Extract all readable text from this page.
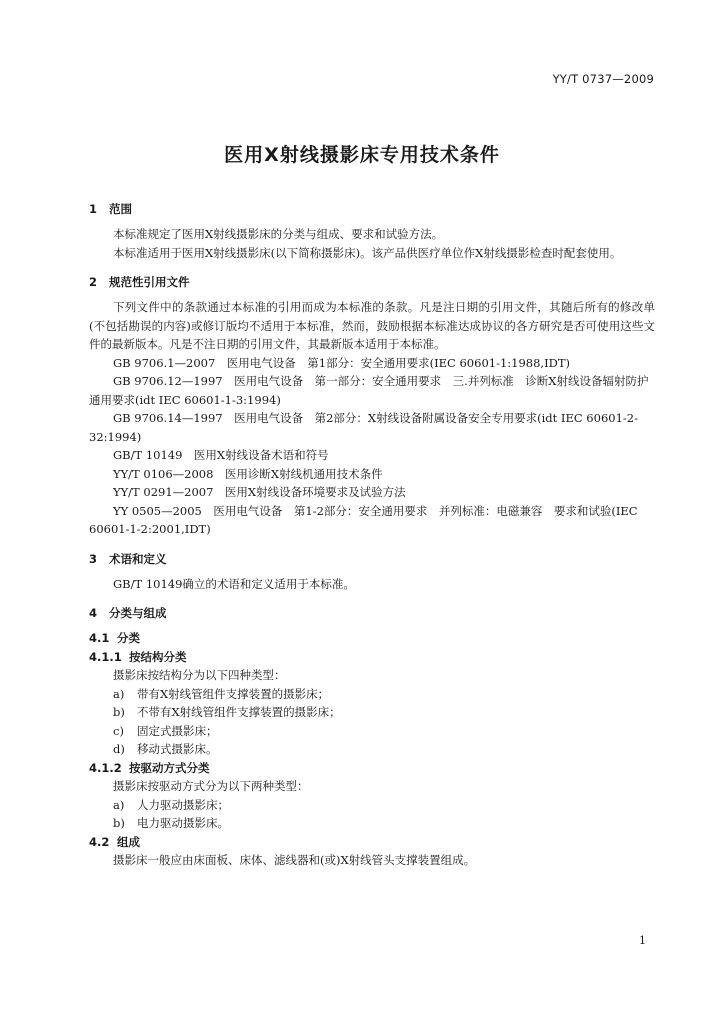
YY/T 0737—2009
医用X射线摄影床专用技术条件
1 范围
本标准规定了医用X射线摄影床的分类与组成、要求和试验方法。
本标准适用于医用X射线摄影床(以下简称摄影床)。该产品供医疗单位作X射线摄影检查时配套使用。
2 规范性引用文件
下列文件中的条款通过本标准的引用而成为本标准的条款。凡是注日期的引用文件，其随后所有的修改单(不包括勘误的内容)或修订版均不适用于本标准，然而，鼓励根据本标准达成协议的各方研究是否可使用这些文件的最新版本。凡是不注日期的引用文件，其最新版本适用于本标准。
GB 9706.1—2007　医用电气设备　第1部分：安全通用要求(IEC 60601-1:1988,IDT)
GB 9706.12—1997　医用电气设备　第一部分：安全通用要求　三.并列标准　诊断X射线设备辐射防护通用要求(idt IEC 60601-1-3:1994)
GB 9706.14—1997　医用电气设备　第2部分：X射线设备附属设备安全专用要求(idt IEC 60601-2-32:1994)
GB/T 10149　医用X射线设备术语和符号
YY/T 0106—2008　医用诊断X射线机通用技术条件
YY/T 0291—2007　医用X射线设备环境要求及试验方法
YY 0505—2005　医用电气设备　第1-2部分：安全通用要求　并列标准：电磁兼容　要求和试验(IEC 60601-1-2:2001,IDT)
3 术语和定义
GB/T 10149确立的术语和定义适用于本标准。
4 分类与组成
4.1 分类
4.1.1 按结构分类
摄影床按结构分为以下四种类型：
a) 带有X射线管组件支撑装置的摄影床；
b) 不带有X射线管组件支撑装置的摄影床；
c) 固定式摄影床；
d) 移动式摄影床。
4.1.2 按驱动方式分类
摄影床按驱动方式分为以下两种类型：
a) 人力驱动摄影床；
b) 电力驱动摄影床。
4.2 组成
摄影床一般应由床面板、床体、滤线器和(或)X射线管头支撑装置组成。
1
